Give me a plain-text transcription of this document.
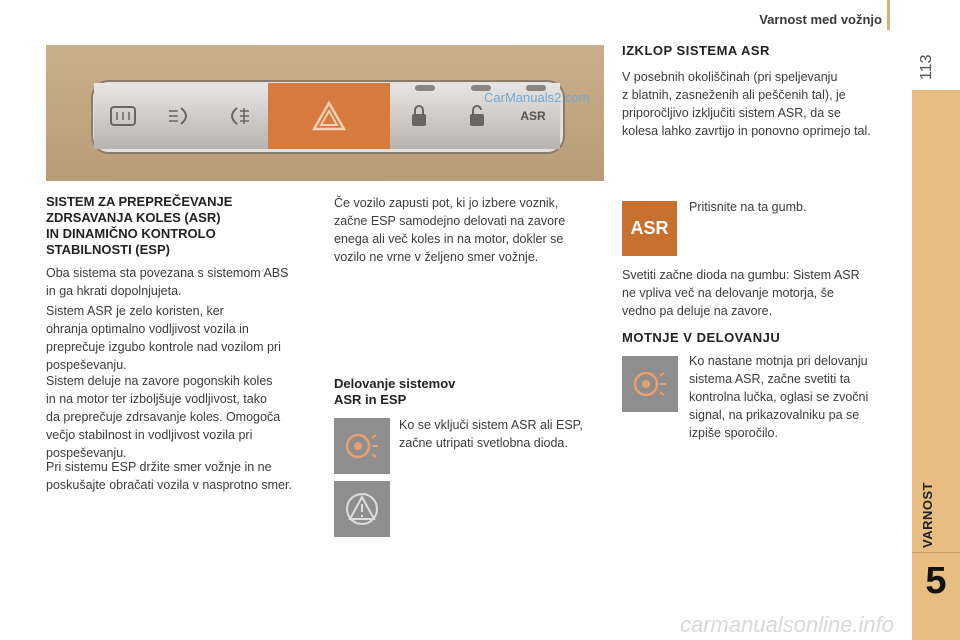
Varnost med vožnjo
113
VARNOST
5
ASR
CarManuals2.com
SISTEM ZA PREPREČEVANJE
ZDRSAVANJA KOLES (ASR)
IN DINAMIČNO KONTROLO
STABILNOSTI (ESP)
Oba sistema sta povezana s sistemom ABS
in ga hkrati dopolnjujeta.
Sistem ASR je zelo koristen, ker
ohranja optimalno vodljivost vozila in
preprečuje izgubo kontrole nad vozilom pri
pospeševanju.
Sistem deluje na zavore pogonskih koles
in na motor ter izboljšuje vodljivost, tako
da preprečuje zdrsavanje koles. Omogoča
večjo stabilnost in vodljivost vozila pri
pospeševanju.
Pri sistemu ESP držite smer vožnje in ne
poskušajte obračati vozila v nasprotno smer.
Če vozilo zapusti pot, ki jo izbere voznik,
začne ESP samodejno delovati na zavore
enega ali več koles in na motor, dokler se
vozilo ne vrne v željeno smer vožnje.
Delovanje sistemov
ASR in ESP
Ko se vključi sistem ASR ali ESP,
začne utripati svetlobna dioda.
IZKLOP SISTEMA ASR
V posebnih okoliščinah (pri speljevanju
z blatnih, zasneženih ali peščenih tal), je
priporočljivo izključiti sistem ASR, da se
kolesa lahko zavrtijo in ponovno oprimejo tal.
ASR
Pritisnite na ta gumb.
Svetiti začne dioda na gumbu: Sistem ASR
ne vpliva več na delovanje motorja, še
vedno pa deluje na zavore.
MOTNJE V DELOVANJU
Ko nastane motnja pri delovanju
sistema ASR, začne svetiti ta
kontrolna lučka, oglasi se zvočni
signal, na prikazovalniku pa se
izpiše sporočilo.
carmanualsonline.info
